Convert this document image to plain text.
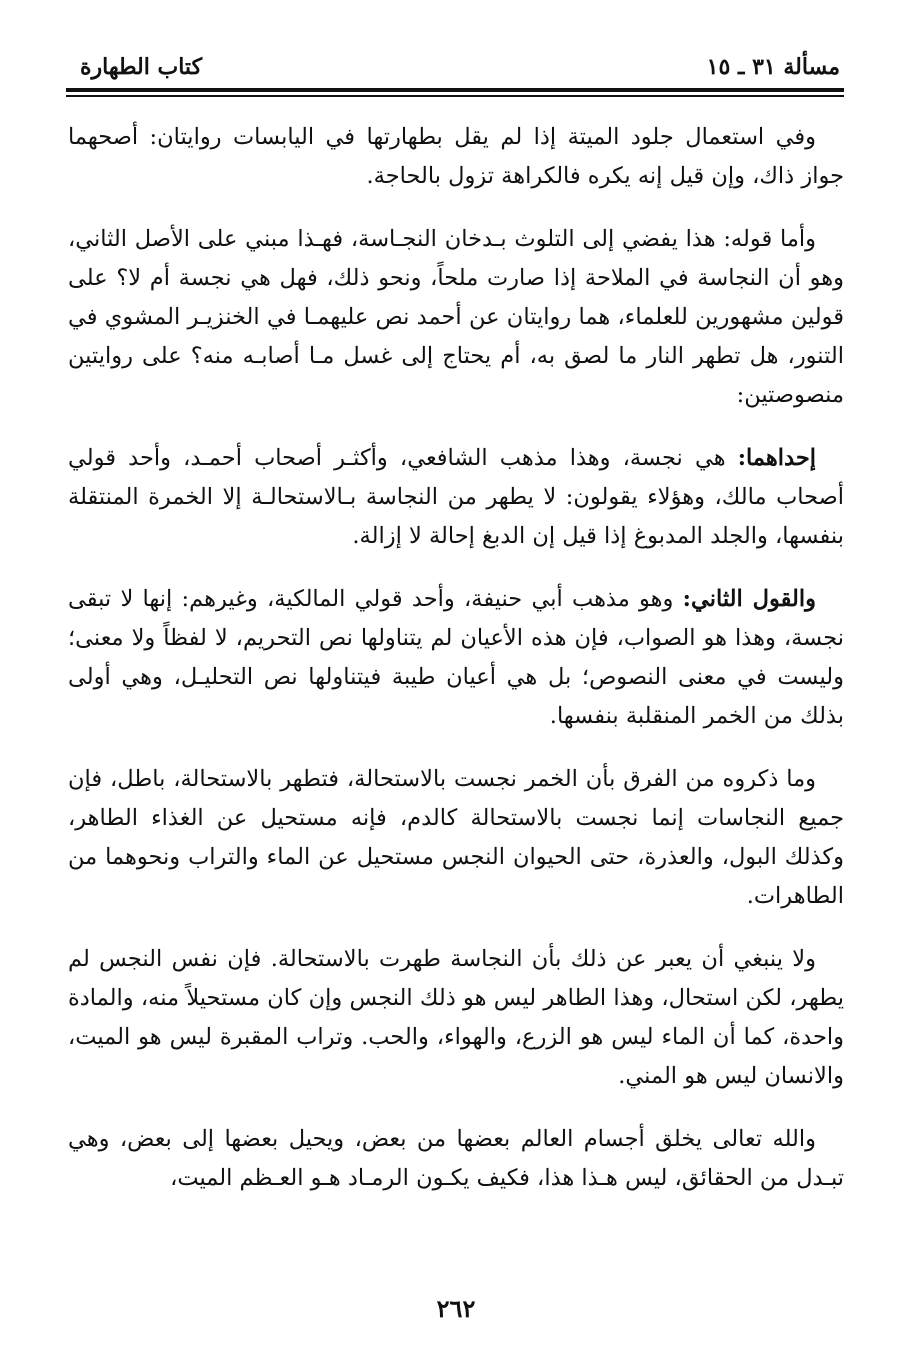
مسألة ٣١ ـ ١٥
كتاب الطهارة

وفي استعمال جلود الميتة إذا لم يقل بطهارتها في اليابسات روايتان: أصحهما جواز ذاك، وإن قيل إنه يكره فالكراهة تزول بالحاجة.

وأما قوله: هذا يفضي إلى التلوث بـدخان النجـاسة، فهـذا مبني على الأصل الثاني، وهو أن النجاسة في الملاحة إذا صارت ملحاً، ونحو ذلك، فهل هي نجسة أم لا؟ على قولين مشهورين للعلماء، هما روايتان عن أحمد نص عليهمـا في الخنزيـر المشوي في التنور، هل تطهر النار ما لصق به، أم يحتاج إلى غسل مـا أصابـه منه؟ على روايتين منصوصتين:

إحداهما: هي نجسة، وهذا مذهب الشافعي، وأكثـر أصحاب أحمـد، وأحد قولي أصحاب مالك، وهؤلاء يقولون: لا يطهر من النجاسة بـالاستحالـة إلا الخمرة المنتقلة بنفسها، والجلد المدبوغ إذا قيل إن الدبغ إحالة لا إزالة.

والقول الثاني: وهو مذهب أبي حنيفة، وأحد قولي المالكية، وغيرهم: إنها لا تبقى نجسة، وهذا هو الصواب، فإن هذه الأعيان لم يتناولها نص التحريم، لا لفظاً ولا معنى؛ وليست في معنى النصوص؛ بل هي أعيان طيبة فيتناولها نص التحليـل، وهي أولى بذلك من الخمر المنقلبة بنفسها.

وما ذكروه من الفرق بأن الخمر نجست بالاستحالة، فتطهر بالاستحالة، باطل، فإن جميع النجاسات إنما نجست بالاستحالة كالدم، فإنه مستحيل عن الغذاء الطاهر، وكذلك البول، والعذرة، حتى الحيوان النجس مستحيل عن الماء والتراب ونحوهما من الطاهرات.

ولا ينبغي أن يعبر عن ذلك بأن النجاسة طهرت بالاستحالة. فإن نفس النجس لم يطهر، لكن استحال، وهذا الطاهر ليس هو ذلك النجس وإن كان مستحيلاً منه، والمادة واحدة، كما أن الماء ليس هو الزرع، والهواء، والحب. وتراب المقبرة ليس هو الميت، والانسان ليس هو المني.

والله تعالى يخلق أجسام العالم بعضها من بعض، ويحيل بعضها إلى بعض، وهي تبـدل من الحقائق، ليس هـذا هذا، فكيف يكـون الرمـاد هـو العـظم الميت،

٢٦٢
